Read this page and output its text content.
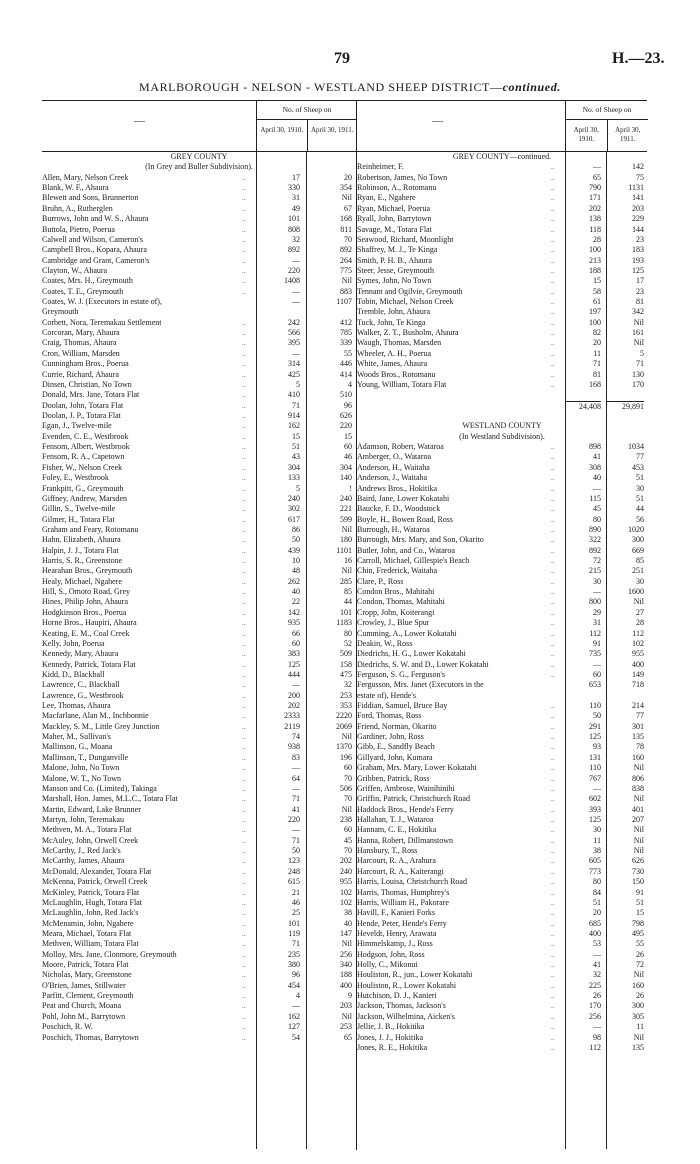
79	H.—23.
MARLBOROUGH - NELSON - WESTLAND SHEEP DISTRICT—continued.
—
No. of Sheep on
April 30, 1910.	April 30, 1911.
GREY COUNTY
(In Grey and Buller Subdivision).
Allen, Mary, Nelson Creek	..	17	20
Blank, W. F., Ahaura	..	330	354
Blewett and Sons, Brunnerton	..	31	Nil
Bruhn, A., Rutherglen	..	49	67
Burrows, John and W. S., Ahaura	..	101	168
Buttola, Pietro, Poerua	..	808	811
Calwell and Wilson, Cameron's	..	32	70
Campbell Bros., Kopara, Ahaura	..	892	892
Cambridge and Grant, Cameron's	..	—	264
Clayton, W., Ahaura	..	220	775
Coates, Mrs. H., Greymouth	..	1408	Nil
Coates, T. E., Greymouth	..	—	883
Coates, W. J. (Executors in estate of),	—	1107
Greymouth
Corbett, Nora, Teremakau Settlement	..	242	412
Corcoran, Mary, Ahaura	..	566	785
Craig, Thomas, Ahaura	..	395	339
Cron, William, Marsden	..	—	55
Cunningham Bros., Poerua	..	314	446
Currie, Richard, Ahaura	..	425	414
Dinsen, Christian, No Town	..	5	4
Donald, Mrs. Jane, Totara Flat	..	410	510
Doolan, John, Totara Flat	..	71	96
Doolan, J. P., Totara Flat	..	914	626
Egan, J., Twelve-mile	..	162	220
Evenden, C. E., Westbrook	..	15	15
Fensom, Albert, Westbrook	..	51	60
Fensom, R. A., Capetown	..	43	46
Fisher, W., Nelson Creek	..	304	304
Foley, E., Westbrook	..	133	140
Frankpitt, G., Greymouth	..	5	!
Giffney, Andrew, Marsden	..	240	240
Gillin, S., Twelve-mile	..	302	221
Gilmer, H., Totara Flat	..	617	599
Graham and Feary, Rotomanu	..	86	Nil
Hahn, Elizabeth, Ahaura	..	50	180
Halpin, J. J., Totara Flat	..	439	1101
Harris, S. R., Greenstone	..	10	16
Hearahan Bros., Greymouth	..	48	Nil
Healy, Michael, Ngahere	..	262	285
Hill, S., Omoto Road, Grey	..	40	85
Hines, Philip John, Ahaura	..	22	44
Hodgkinson Bros., Poerua	..	142	101
Horne Bros., Haupiri, Ahaura	..	935	1183
Keating, E. M., Coal Creek	..	66	80
Kelly, John, Poerua	..	60	52
Kennedy, Mary, Ahaura	..	383	509
Kennedy, Patrick, Totara Flat	..	125	158
Kidd, D., Blackball	..	444	475
Lawrence, C., Blackball	..	—	32
Lawrence, G., Westbrook	..	200	253
Lee, Thomas, Ahaura	..	202	353
Macfarlane, Alan M., Inchbonnie	..	2333	2220
Mackley, S. M., Little Grey Junction	..	2119	2069
Maher, M., Sullivan's	..	74	Nil
Mallinson, G., Moana	..	938	1370
Mallinson, T., Dunganville	..	83	196
Malone, John, No Town	..	—	60
Malone, W. T., No Town	..	64	70
Manson and Co. (Limited), Takinga	..	—	506
Marshall, Hon. James, M.L.C., Totara Flat	..	71	70
Martin, Edward, Lake Brunner	..	41	Nil
Martyn, John, Teremakau	..	220	238
Methven, M. A., Totara Flat	..	—	60
McAuley, John, Orwell Creek	..	71	45
McCarthy, J., Red Jack's	..	50	70
McCarthy, James, Ahaura	..	123	202
McDonald, Alexander, Totara Flat	..	248	240
McKenna, Patrick, Orwell Creek	..	615	955
McKinley, Patrick, Totara Flat	..	21	102
McLaughlin, Hugh, Totara Flat	..	46	102
McLaughlin, John, Red Jack's	..	25	38
McMenamin, John, Ngahere	..	101	40
Meara, Michael, Totara Flat	..	119	147
Methven, William, Totara Flat	..	71	Nil
Molloy, Mrs. Jane, Clonmore, Greymouth	..	235	256
Moore, Patrick, Totara Flat	..	380	340
Nicholas, Mary, Greenstone	..	96	188
O'Brien, James, Stillwater	..	454	400
Parfitt, Clement, Greymouth	..	4	9
Peat and Church, Moana	..	—	203
Pohl, John M., Barrytown	..	162	Nil
Poschich, R. W.	..	127	253
Poschich, Thomas, Barrytown	..	54	65
—
No. of Sheep on
April 30, 1910.
April 30, 1911.
GREY COUNTY—continued.
Reinheimer, F.	..	—	142
Robertson, James, No Town	..	65	75
Robinson, A., Rotomanu	..	790	1131
Ryan, E., Ngahere	..	171	141
Ryan, Michael, Poerua	..	202	203
Ryall, John, Barrytown	..	138	229
Savage, M., Totara Flat	..	118	144
Seawood, Richard, Moonlight	..	28	23
Shaffrey, M. J., Te Kinga	..	100	183
Smith, P. H. B., Ahaura	..	213	193
Steer, Jesse, Greymouth	..	188	125
Symes, John, No Town	..	15	17
Tennant and Ogilvie, Greymouth	..	58	23
Tobin, Michael, Nelson Creek	..	61	81
Tremble, John, Ahaura	..	197	342
Tuck, John, Te Kinga	..	100	Nil
Walker, Z. T., Busholm, Ahaura	..	82	161
Waugh, Thomas, Marsden	..	20	Nil
Wheeler, A. H., Poerua	..	11	5
White, James, Ahaura	..	71	71
Woods Bros., Rotomanu	..	81	130
Young, William, Totara Flat	..	168	170
24,408	29,891
WESTLAND COUNTY
(In Westland Subdivision).
Adamson, Robert, Wataroa	..	898	1034
Amberger, O., Wataroa	..	41	77
Anderson, H., Waitaha	..	308	453
Anderson, J., Waitaha	..	40	51
Andrews Bros., Hokitika	..	—	30
Baird, Jane, Lower Kokatahi	..	115	51
Baucke, F. D., Woodstock	..	45	44
Boyle, H., Bowen Road, Ross	..	80	56
Burrough, H., Wataroa	..	890	1020
Burrough, Mrs. Mary, and Son, Okarito	..	322	300
Butler, John, and Co., Wataroa	..	892	669
Carroll, Michael, Gillespie's Beach	..	72	85
Chin, Frederick, Waitaha	..	215	251
Clare, P., Ross	..	30	30
Condon Bros., Mahitahi	..	—	1600
Condon, Thomas, Mahitahi	..	800	Nil
Cropp, John, Koiterangi	..	29	27
Crowley, J., Blue Spur	..	31	28
Cumming, A., Lower Kokatahi	..	112	112
Deakin, W., Ross	..	91	102
Diedrichs, H. G., Lower Kokatahi	..	735	955
Diedrichs, S. W. and D., Lower Kokatahi	..	—	400
Ferguson, S. G., Ferguson's	..	60	149
Fergusson, Mrs. Janet (Executors in the	653	718
estate of), Hende's
Fiddian, Samuel, Bruce Bay	..	110	214
Ford, Thomas, Ross	..	50	77
Friend, Norman, Okarito	..	291	301
Gardiner, John, Ross	..	125	135
Gibb, E., Sandfly Beach	..	93	78
Gillyard, John, Kumara	..	131	160
Graham, Mrs. Mary, Lower Kokatahi	..	110	Nil
Gribben, Patrick, Ross	..	767	806
Griffen, Ambrose, Wainihinihi	..	—	838
Griffin, Patrick, Christchurch Road	..	602	Nil
Haddock Bros., Hende's Ferry	..	393	401
Hallahan, T. J., Wataroa	..	125	207
Hannam, C. E., Hokitika	..	30	Nil
Hanna, Robert, Dillmanstown	..	11	Nil
Hansbury, T., Ross	..	38	Nil
Harcourt, R. A., Arahura	..	605	626
Harcourt, R. A., Kaiterangi	..	773	730
Harris, Louisa, Christchurch Road	..	80	150
Harris, Thomas, Humphrey's	..	84	91
Harris, William H., Pakorare	..	51	51
Havill, F., Kanieri Forks	..	20	15
Hende, Peter, Hende's Ferry	..	685	798
Heveldt, Henry, Arawata	..	400	495
Himmelskamp, J., Ross	..	53	55
Hodgson, John, Ross	..	—	26
Holly, C., Mikonui	..	41	72
Houliston, R., jun., Lower Kokatahi	..	32	Nil
Houliston, R., Lower Kokatahi	..	225	160
Hutchison, D. J., Kanieri	..	26	26
Jackson, Thomas, Jackson's	..	170	300
Jackson, Wilhelmina, Aicken's	..	256	305
Jellie, J. B., Hokitika	..	—	11
Jones, J. J., Hokitika	..	98	Nil
Jones, R. E., Hokitika	..	112	135
